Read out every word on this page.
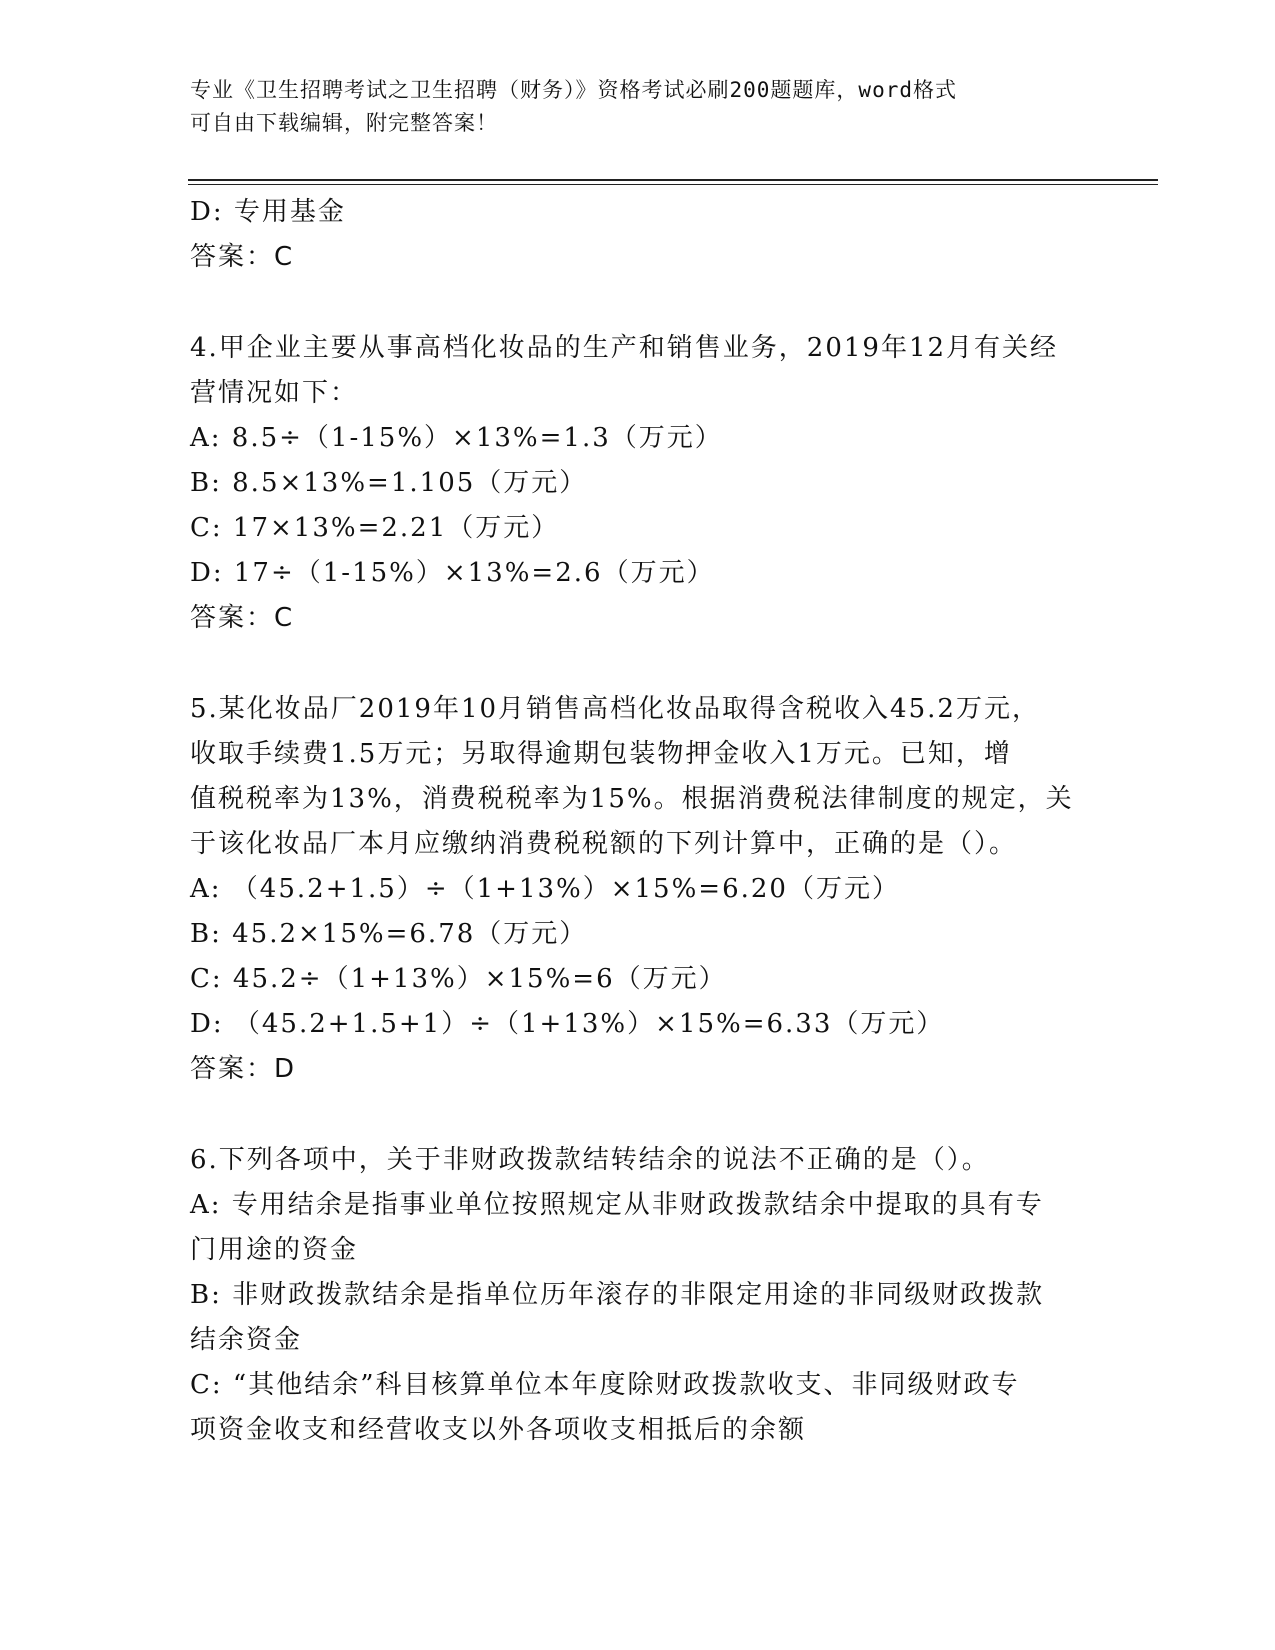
专业《卫生招聘考试之卫生招聘（财务）》资格考试必刷200题题库，word格式
可自由下载编辑，附完整答案！
D: 专用基金
答案：C
4.甲企业主要从事高档化妆品的生产和销售业务，2019年12月有关经
营情况如下：
A: 8.5÷（1-15%）×13%=1.3（万元）
B: 8.5×13%=1.105（万元）
C: 17×13%=2.21（万元）
D: 17÷（1-15%）×13%=2.6（万元）
答案：C
5.某化妆品厂2019年10月销售高档化妆品取得含税收入45.2万元，
收取手续费1.5万元；另取得逾期包装物押金收入1万元。已知，增
值税税率为13%，消费税税率为15%。根据消费税法律制度的规定，关
于该化妆品厂本月应缴纳消费税税额的下列计算中，正确的是（）。
A: （45.2+1.5）÷（1+13%）×15%=6.20（万元）
B: 45.2×15%=6.78（万元）
C: 45.2÷（1+13%）×15%=6（万元）
D: （45.2+1.5+1）÷（1+13%）×15%=6.33（万元）
答案：D
6.下列各项中，关于非财政拨款结转结余的说法不正确的是（）。
A: 专用结余是指事业单位按照规定从非财政拨款结余中提取的具有专
门用途的资金
B: 非财政拨款结余是指单位历年滚存的非限定用途的非同级财政拨款
结余资金
C: “其他结余”科目核算单位本年度除财政拨款收支、非同级财政专
项资金收支和经营收支以外各项收支相抵后的余额
